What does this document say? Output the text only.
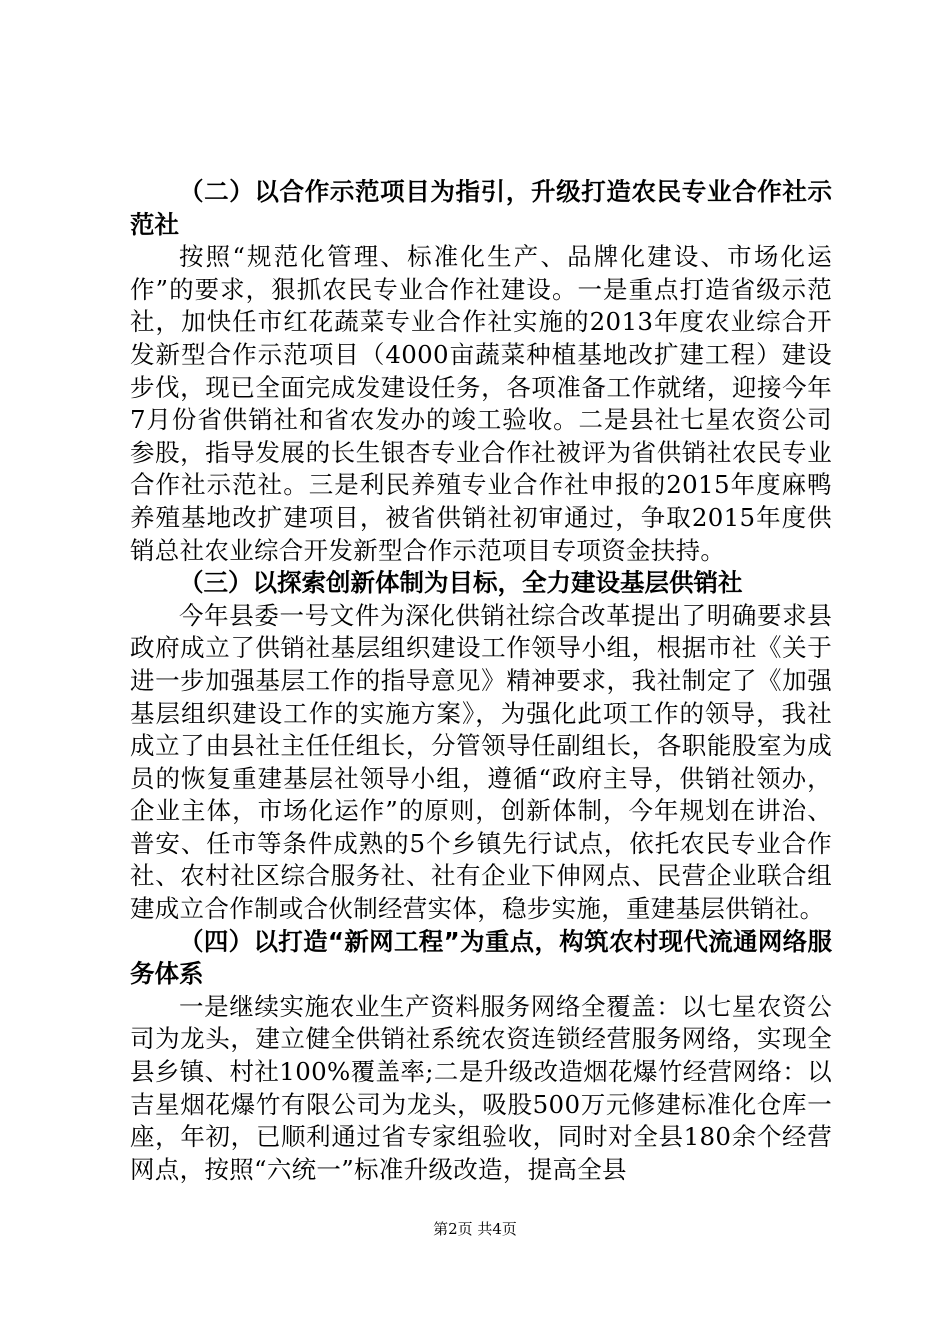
（二）以合作示范项目为指引，升级打造农民专业合作社示范社

按照“规范化管理、标准化生产、品牌化建设、市场化运作”的要求，狠抓农民专业合作社建设。一是重点打造省级示范社，加快任市红花蔬菜专业合作社实施的2013年度农业综合开发新型合作示范项目（4000亩蔬菜种植基地改扩建工程）建设步伐，现已全面完成发建设任务，各项准备工作就绪，迎接今年7月份省供销社和省农发办的竣工验收。二是县社七星农资公司参股，指导发展的长生银杏专业合作社被评为省供销社农民专业合作社示范社。三是利民养殖专业合作社申报的2015年度麻鸭养殖基地改扩建项目，被省供销社初审通过，争取2015年度供销总社农业综合开发新型合作示范项目专项资金扶持。

（三）以探索创新体制为目标，全力建设基层供销社

今年县委一号文件为深化供销社综合改革提出了明确要求县政府成立了供销社基层组织建设工作领导小组，根据市社《关于进一步加强基层工作的指导意见》精神要求，我社制定了《加强基层组织建设工作的实施方案》，为强化此项工作的领导，我社成立了由县社主任任组长，分管领导任副组长，各职能股室为成员的恢复重建基层社领导小组，遵循“政府主导，供销社领办，企业主体，市场化运作”的原则，创新体制，今年规划在讲治、普安、任市等条件成熟的5个乡镇先行试点，依托农民专业合作社、农村社区综合服务社、社有企业下伸网点、民营企业联合组建成立合作制或合伙制经营实体，稳步实施，重建基层供销社。

（四）以打造“新网工程”为重点，构筑农村现代流通网络服务体系

一是继续实施农业生产资料服务网络全覆盖：以七星农资公司为龙头，建立健全供销社系统农资连锁经营服务网络，实现全县乡镇、村社100%覆盖率;二是升级改造烟花爆竹经营网络：以吉星烟花爆竹有限公司为龙头，吸股500万元修建标准化仓库一座，年初，已顺利通过省专家组验收，同时对全县180余个经营网点，按照“六统一”标准升级改造，提高全县

第2页 共4页
